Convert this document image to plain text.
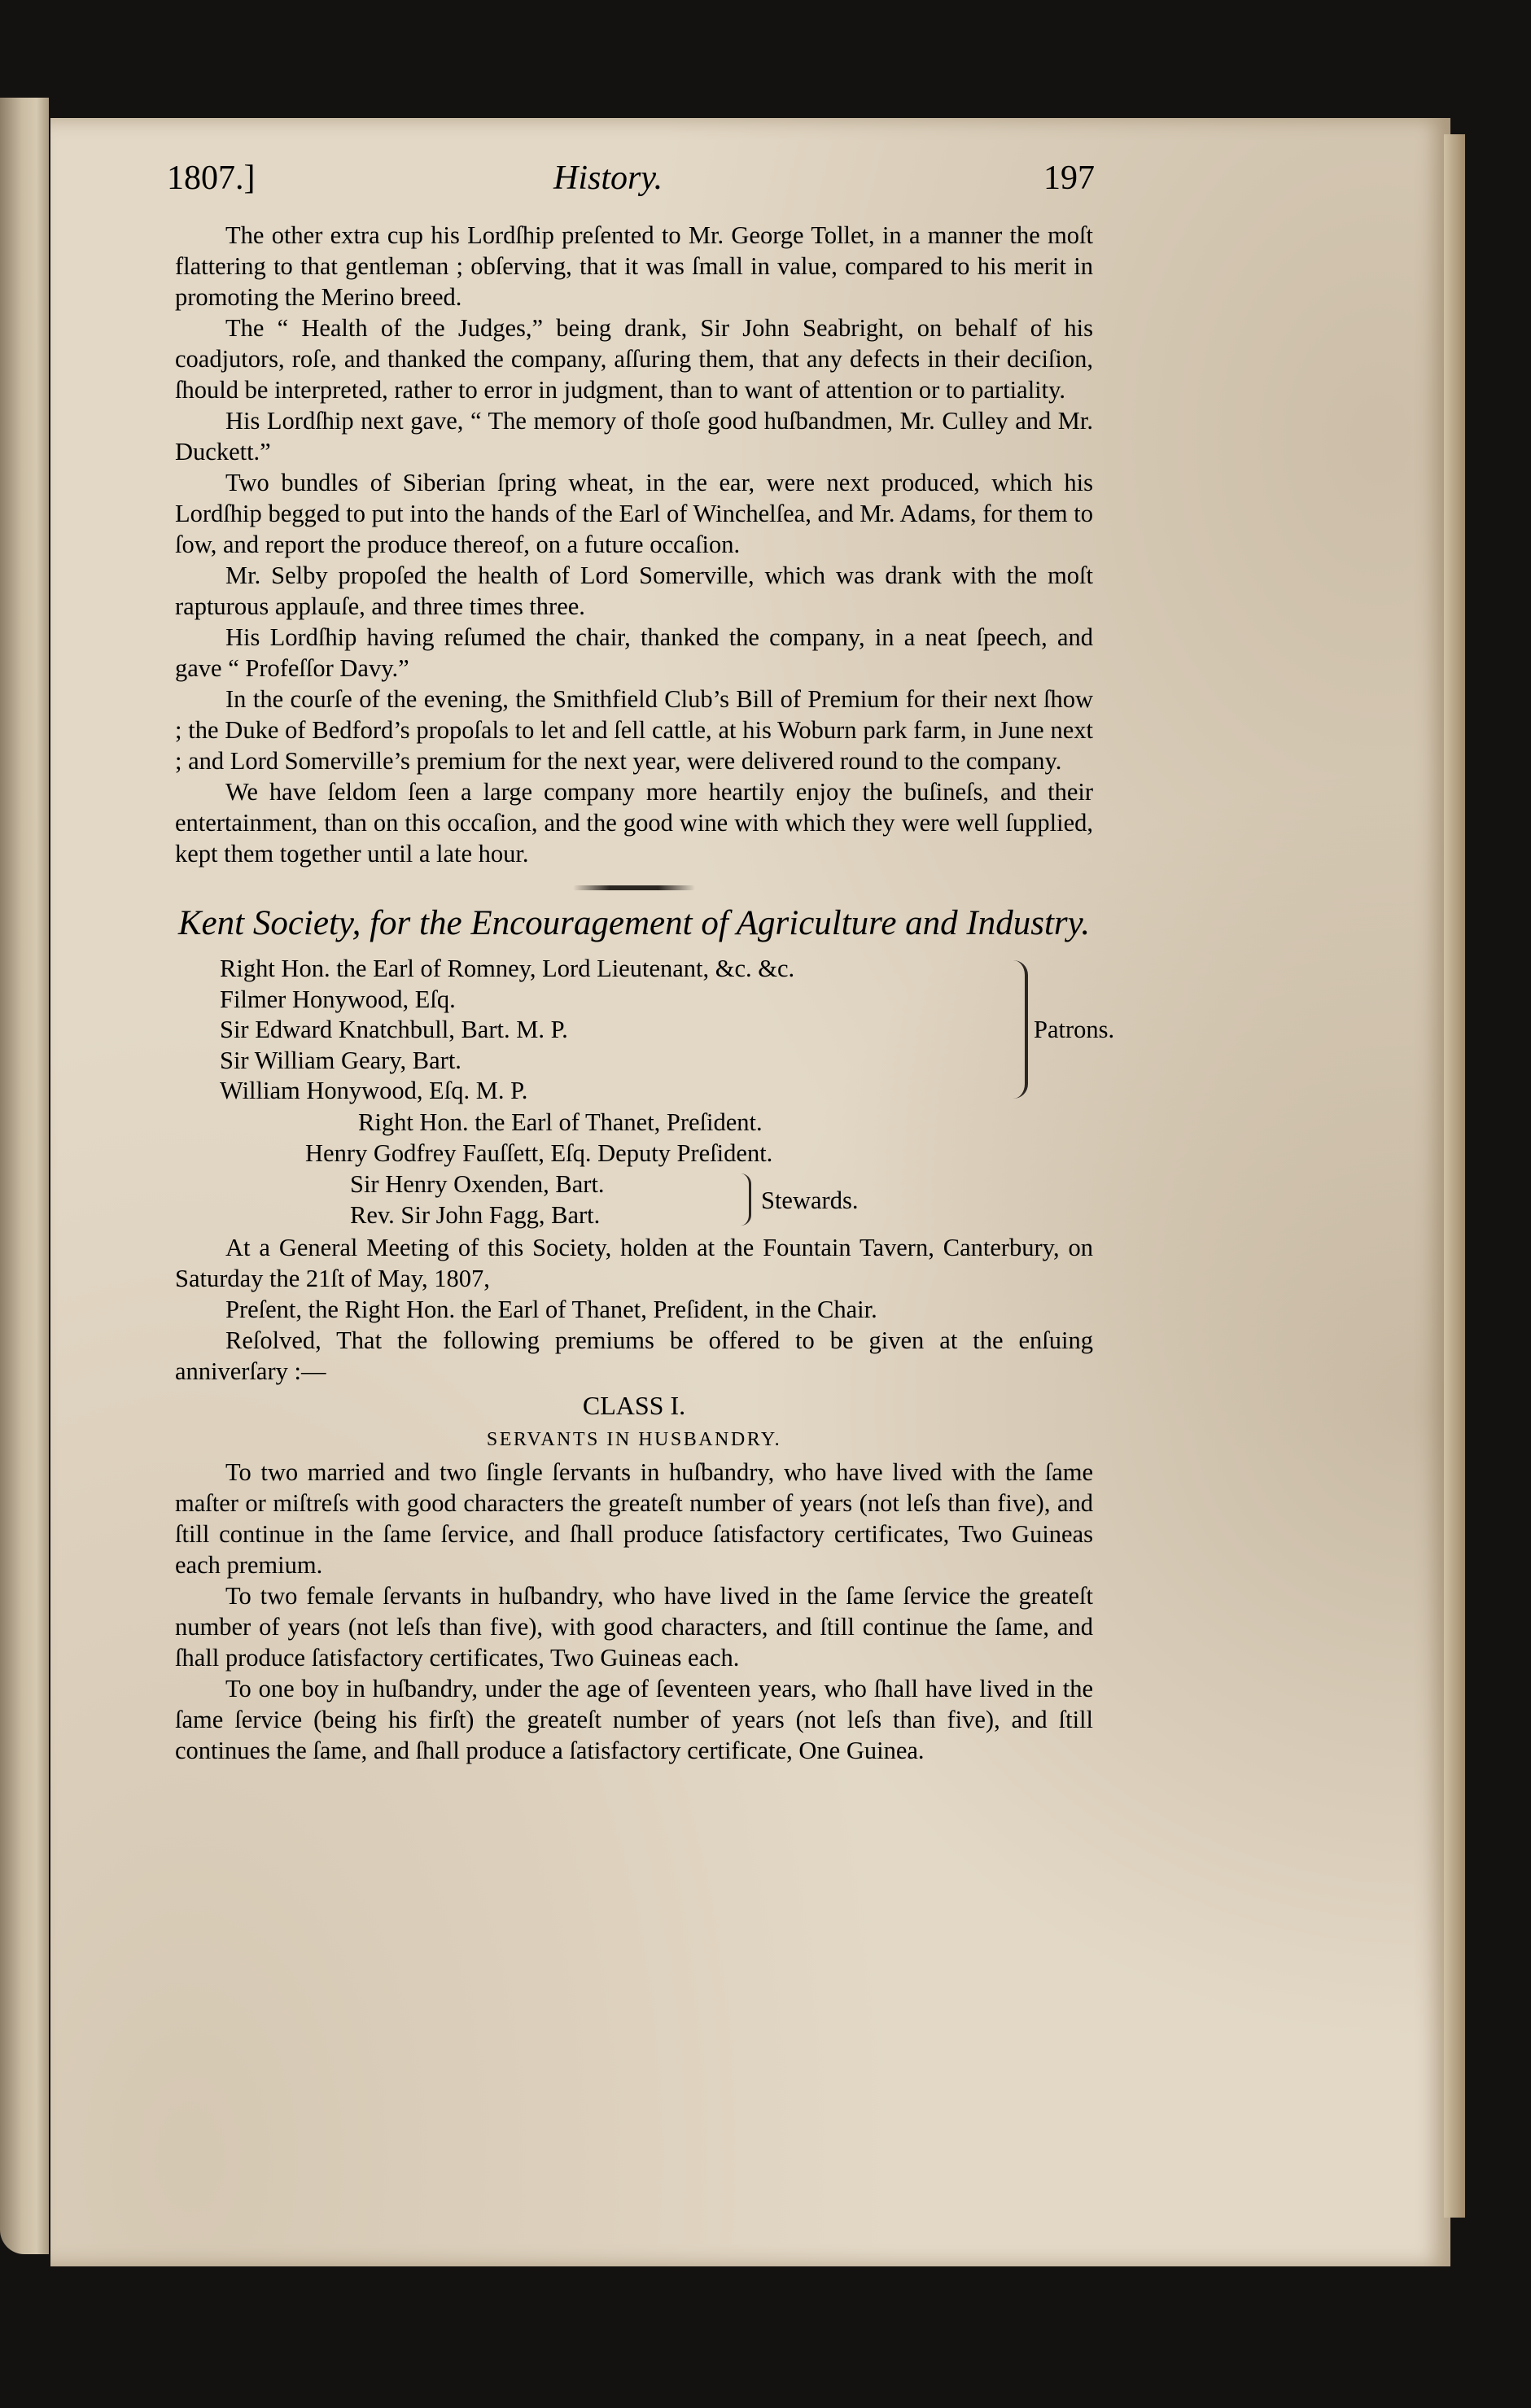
1807.]	History.	197

The other extra cup his Lordſhip preſented to Mr. George Tollet, in a manner the moſt flattering to that gentleman ; obſerving, that it was ſmall in value, compared to his merit in promoting the Merino breed.

The “ Health of the Judges,” being drank, Sir John Seabright, on behalf of his coadjutors, roſe, and thanked the company, aſſuring them, that any defects in their deciſion, ſhould be interpreted, rather to error in judgment, than to want of attention or to partiality.

His Lordſhip next gave, “ The memory of thoſe good huſbandmen, Mr. Culley and Mr. Duckett.”

Two bundles of Siberian ſpring wheat, in the ear, were next produced, which his Lordſhip begged to put into the hands of the Earl of Winchelſea, and Mr. Adams, for them to ſow, and report the produce thereof, on a future occaſion.

Mr. Selby propoſed the health of Lord Somerville, which was drank with the moſt rapturous applauſe, and three times three.

His Lordſhip having reſumed the chair, thanked the company, in a neat ſpeech, and gave “ Profeſſor Davy.”

In the courſe of the evening, the Smithfield Club’s Bill of Premium for their next ſhow ; the Duke of Bedford’s propoſals to let and ſell cattle, at his Woburn park farm, in June next ; and Lord Somerville’s premium for the next year, were delivered round to the company.

We have ſeldom ſeen a large company more heartily enjoy the buſineſs, and their entertainment, than on this occaſion, and the good wine with which they were well ſupplied, kept them together until a late hour.

Kent Society, for the Encouragement of Agriculture and Industry.
Right Hon. the Earl of Romney, Lord Lieutenant, &c. &c.
Filmer Honywood, Eſq.
Sir Edward Knatchbull, Bart. M. P.
Sir William Geary, Bart.
William Honywood, Eſq. M. P.
Patrons.

Right Hon. the Earl of Thanet, Preſident.

Henry Godfrey Fauſſett, Eſq. Deputy Preſident.

Sir Henry Oxenden, Bart.
Rev. Sir John Fagg, Bart.
Stewards.

At a General Meeting of this Society, holden at the Fountain Tavern, Canterbury, on Saturday the 21ſt of May, 1807,

Preſent, the Right Hon. the Earl of Thanet, Preſident, in the Chair.

Reſolved, That the following premiums be offered to be given at the enſuing anniverſary :—

CLASS I.
SERVANTS IN HUSBANDRY.

To two married and two ſingle ſervants in huſbandry, who have lived with the ſame maſter or miſtreſs with good characters the greateſt number of years (not leſs than five), and ſtill continue in the ſame ſervice, and ſhall produce ſatisfactory certificates, Two Guineas each premium.

To two female ſervants in huſbandry, who have lived in the ſame ſervice the greateſt number of years (not leſs than five), with good characters, and ſtill continue the ſame, and ſhall produce ſatisfactory certificates, Two Guineas each.

To one boy in huſbandry, under the age of ſeventeen years, who ſhall have lived in the ſame ſervice (being his firſt) the greateſt number of years (not leſs than five), and ſtill continues the ſame, and ſhall produce a ſatisfactory certificate, One Guinea.
